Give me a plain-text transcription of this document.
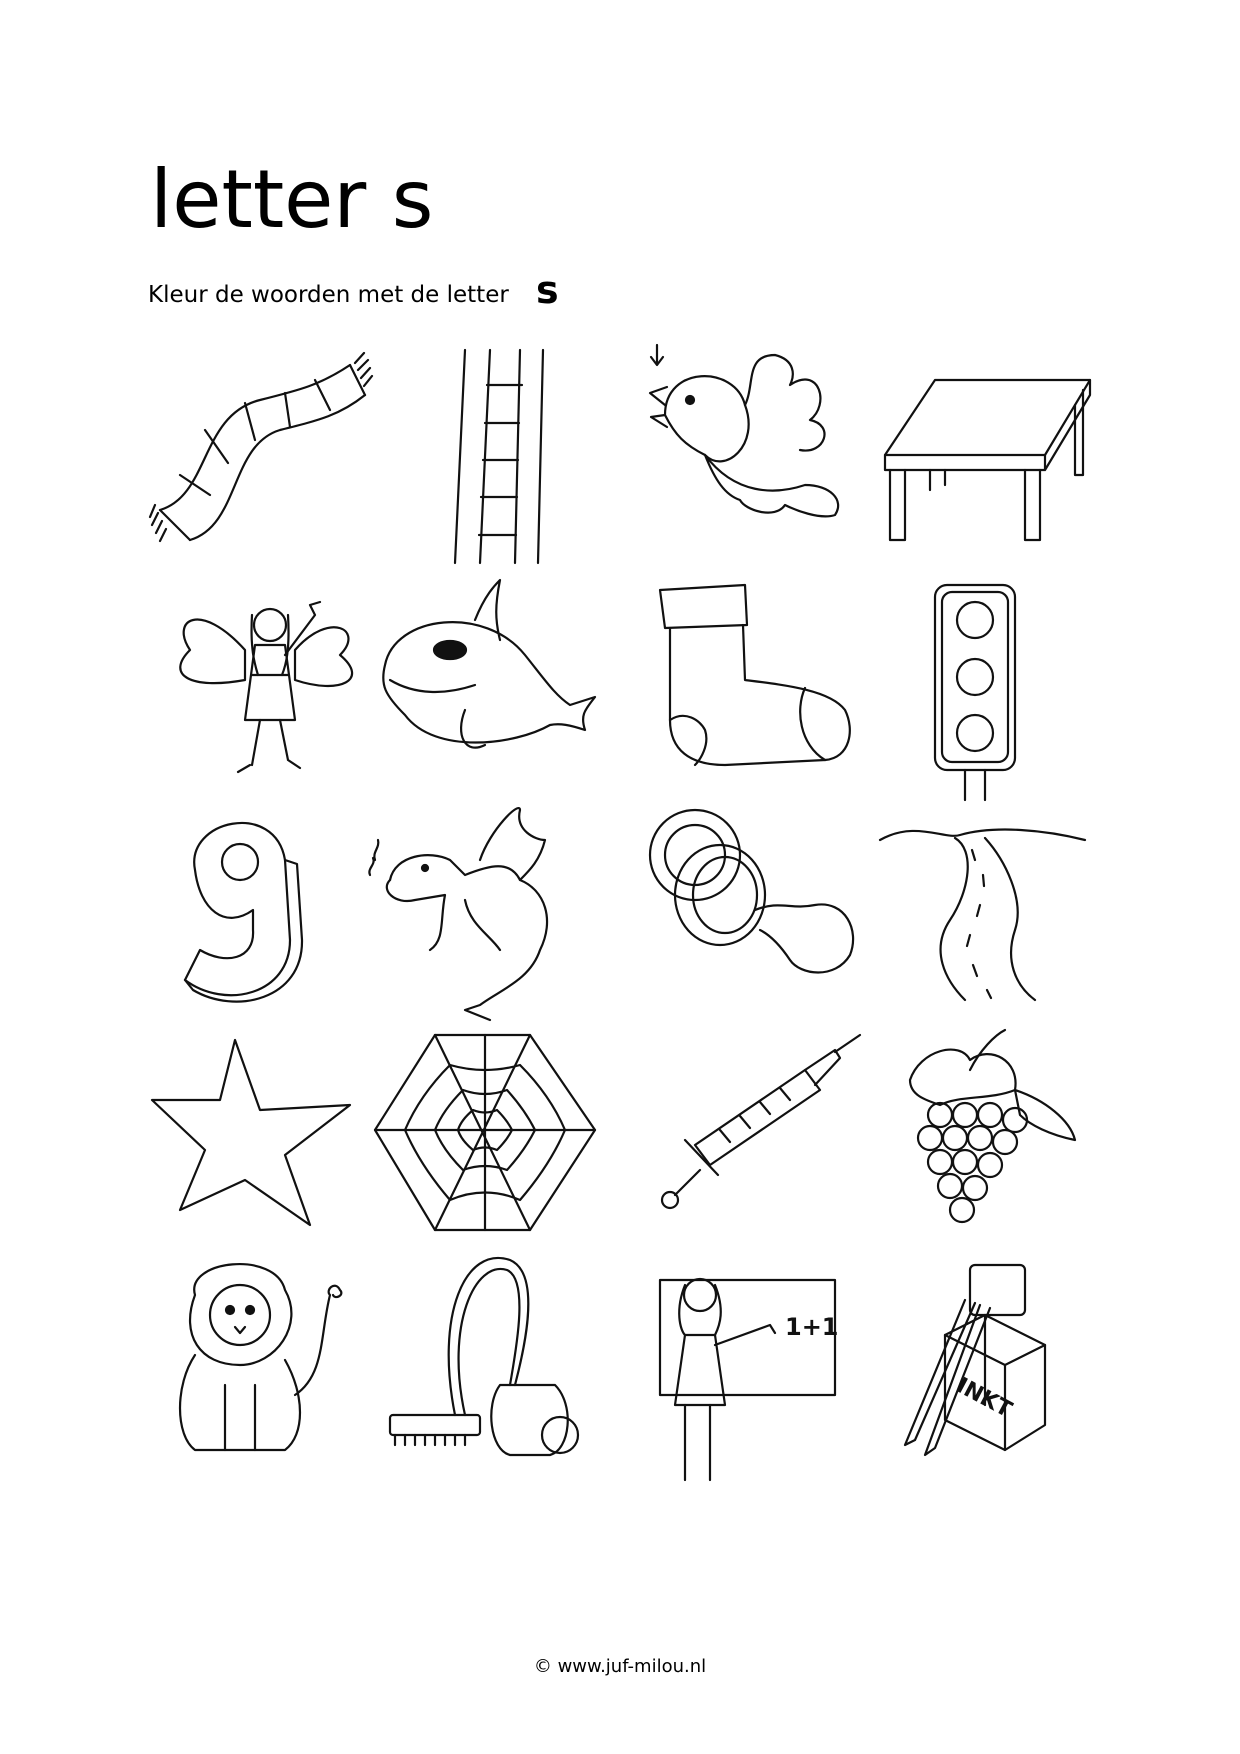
letter s
Kleur de woorden met de letter s
1+1
INKT
© www.juf-milou.nl
